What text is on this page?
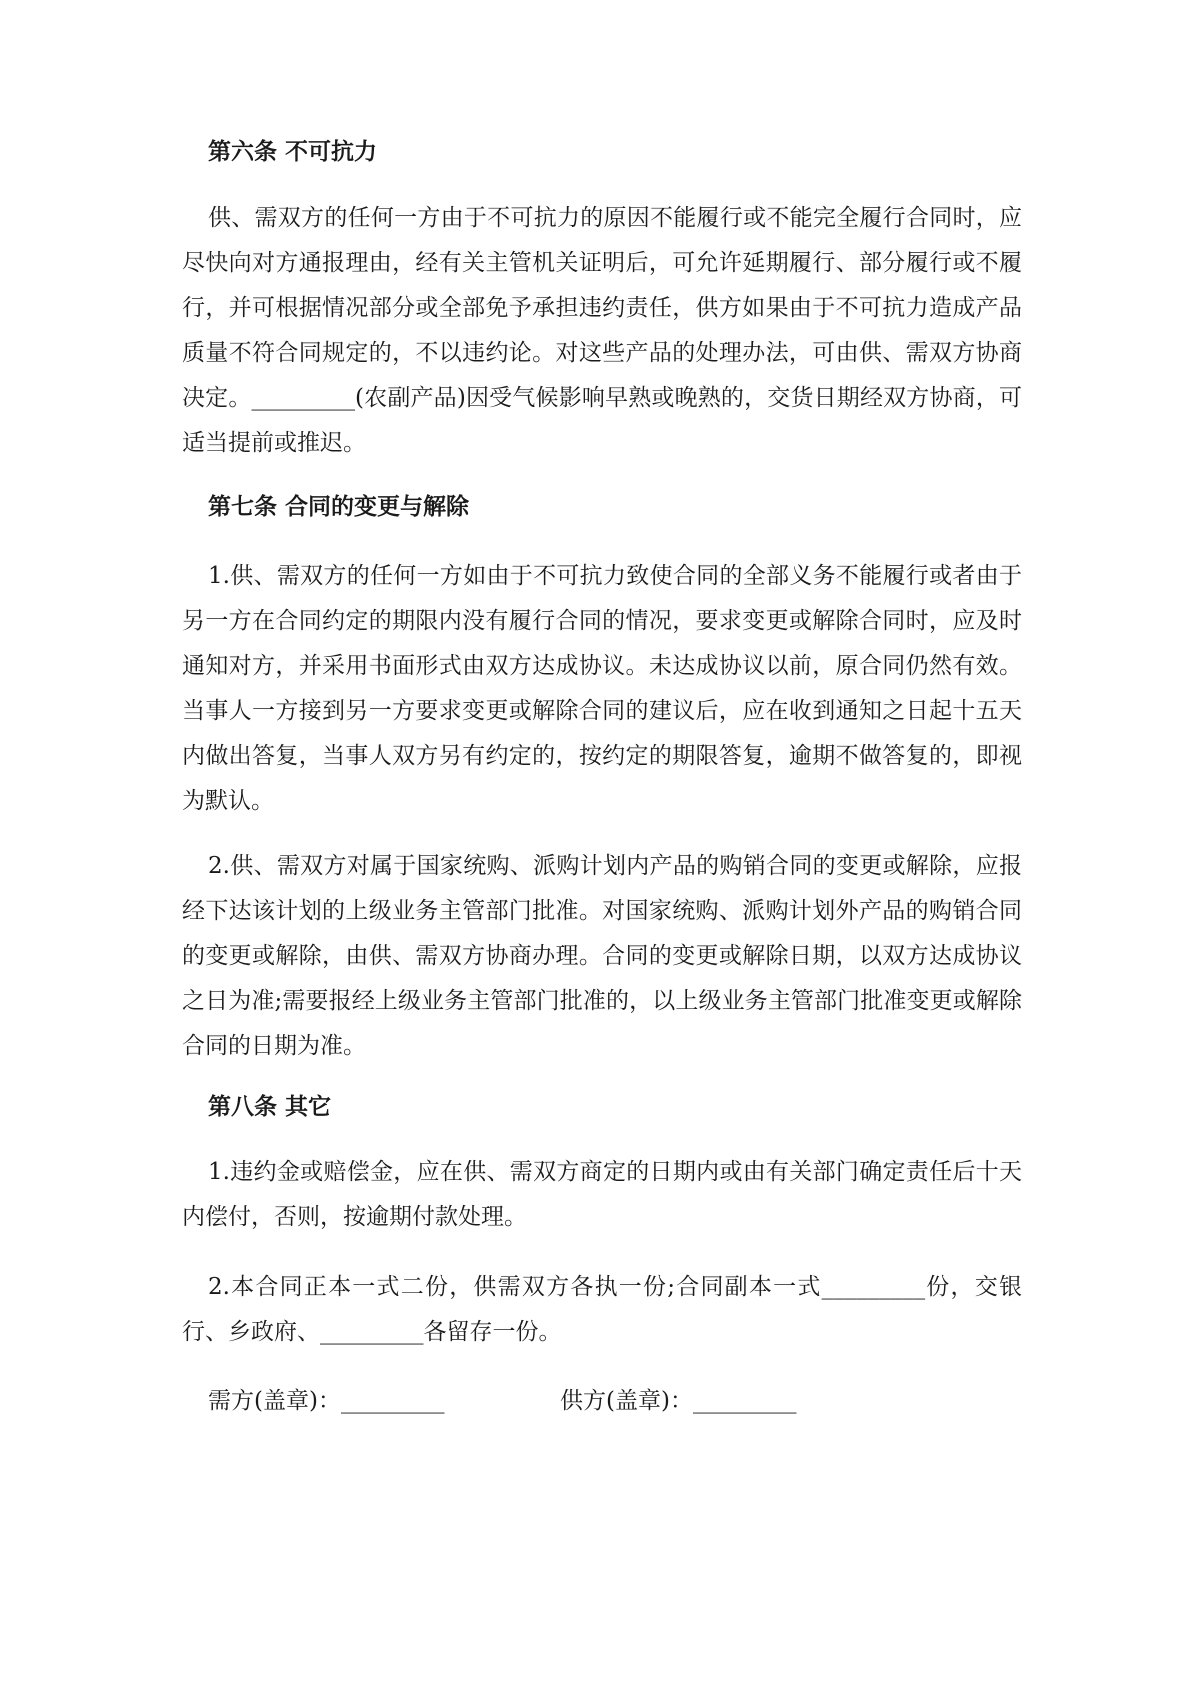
第六条 不可抗力
供、需双方的任何一方由于不可抗力的原因不能履行或不能完全履行合同时，应尽快向对方通报理由，经有关主管机关证明后，可允许延期履行、部分履行或不履行，并可根据情况部分或全部免予承担违约责任，供方如果由于不可抗力造成产品质量不符合同规定的，不以违约论。对这些产品的处理办法，可由供、需双方协商决定。_________(农副产品)因受气候影响早熟或晚熟的，交货日期经双方协商，可适当提前或推迟。
第七条 合同的变更与解除
1.供、需双方的任何一方如由于不可抗力致使合同的全部义务不能履行或者由于另一方在合同约定的期限内没有履行合同的情况，要求变更或解除合同时，应及时通知对方，并采用书面形式由双方达成协议。未达成协议以前，原合同仍然有效。当事人一方接到另一方要求变更或解除合同的建议后，应在收到通知之日起十五天内做出答复，当事人双方另有约定的，按约定的期限答复，逾期不做答复的，即视为默认。
2.供、需双方对属于国家统购、派购计划内产品的购销合同的变更或解除，应报经下达该计划的上级业务主管部门批准。对国家统购、派购计划外产品的购销合同的变更或解除，由供、需双方协商办理。合同的变更或解除日期，以双方达成协议之日为准;需要报经上级业务主管部门批准的，以上级业务主管部门批准变更或解除合同的日期为准。
第八条 其它
1.违约金或赔偿金，应在供、需双方商定的日期内或由有关部门确定责任后十天内偿付，否则，按逾期付款处理。
2.本合同正本一式二份，供需双方各执一份;合同副本一式_________份，交银行、乡政府、_________各留存一份。
需方(盖章)：_________	供方(盖章)：_________
